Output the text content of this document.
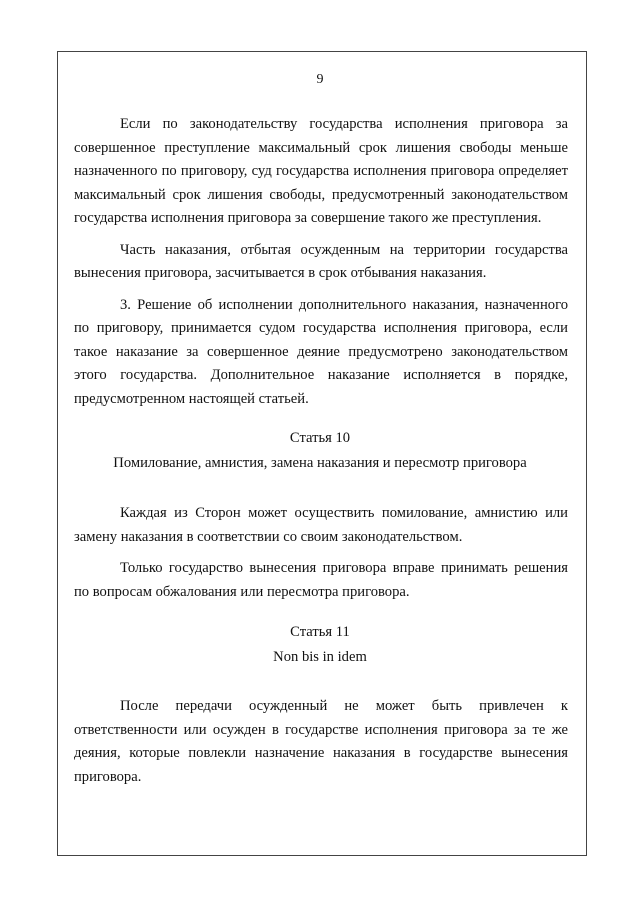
9

Если по законодательству государства исполнения приговора за совершенное преступление максимальный срок лишения свободы меньше назначенного по приговору, суд государства исполнения приговора определяет максимальный срок лишения свободы, предусмотренный законодательством государства исполнения приговора за совершение такого же преступления.

Часть наказания, отбытая осужденным на территории государства вынесения приговора, засчитывается в срок отбывания наказания.

3. Решение об исполнении дополнительного наказания, назначенного по приговору, принимается судом государства исполнения приговора, если такое наказание за совершенное деяние предусмотрено законодательством этого государства. Дополнительное наказание исполняется в порядке, предусмотренном настоящей статьей.

Статья 10
Помилование, амнистия, замена наказания и пересмотр приговора

Каждая из Сторон может осуществить помилование, амнистию или замену наказания в соответствии со своим законодательством.

Только государство вынесения приговора вправе принимать решения по вопросам обжалования или пересмотра приговора.

Статья 11
Non bis in idem

После передачи осужденный не может быть привлечен к ответственности или осужден в государстве исполнения приговора за те же деяния, которые повлекли назначение наказания в государстве вынесения приговора.
